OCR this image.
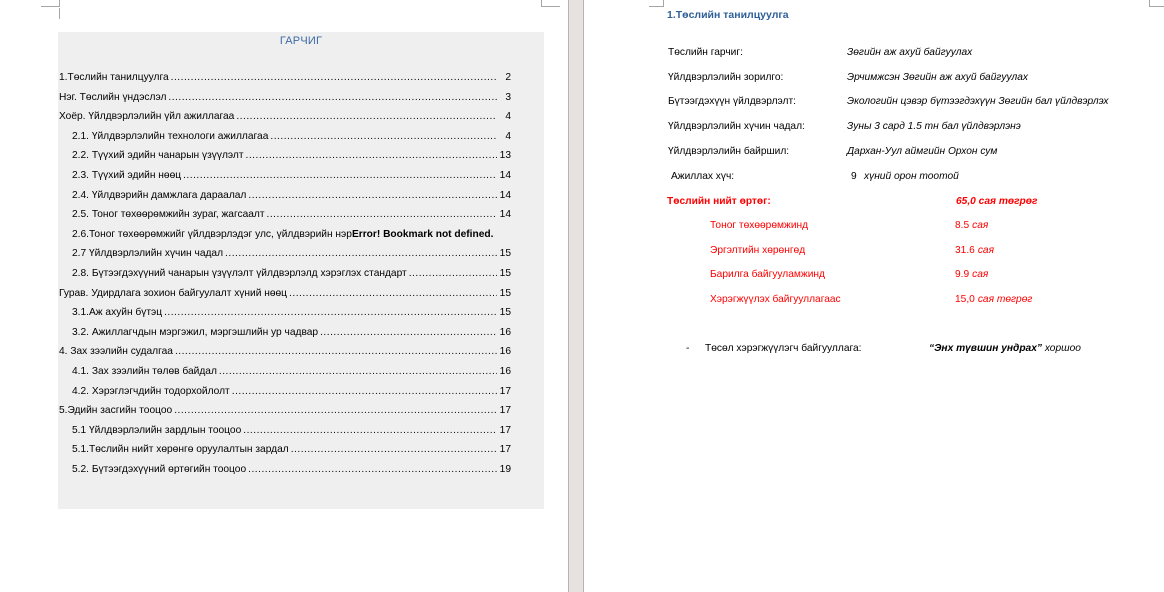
ГАРЧИГ
1.Төслийн танилцуулга .....	2
Нэг. Төслийн үндэслэл .....	3
Хоёр. Үйлдвэрлэлийн үйл ажиллагаа .....	4
2.1. Үйлдвэрлэлийн технологи ажиллагаа .....	4
2.2. Түүхий эдийн чанарын үзүүлэлт .....	13
2.3. Түүхий эдийн нөөц .....	14
2.4. Үйлдвэрийн дамжлага дараалал .....	14
2.5. Тоног төхөөрөмжийн зураг, жагсаалт .....	14
2.6.Тоног төхөөрөмжийг үйлдвэрлэдэг улс, үйлдвэрийн нэр Error! Bookmark not defined.
2.7 Үйлдвэрлэлийн хүчин чадал .....	15
2.8. Бүтээгдэхүүний чанарын үзүүлэлт үйлдвэрлэлд хэрэглэх стандарт .....	15
Гурав. Удирдлага зохион байгуулалт хүний нөөц .....	15
3.1.Аж ахуйн бүтэц .....	15
3.2. Ажиллагчдын мэргэжил, мэргэшлийн ур чадвар .....	16
4. Зах зээлийн судалгаа .....	16
4.1. Зах зээлийн төлөв байдал .....	16
4.2. Хэрэглэгчдийн тодорхойлолт .....	17
5.Эдийн засгийн тооцоо .....	17
5.1 Үйлдвэрлэлийн зардлын тооцоо .....	17
5.1.Төслийн нийт хөрөнгө оруулалтын зардал .....	17
5.2. Бүтээгдэхүүний өртөгийн тооцоо .....	19
1.Төслийн танилцуулга
Төслийн гарчиг:	Зөгийн аж ахуй байгуулах
Үйлдвэрлэлийн зорилго:	Эрчимжсэн Зөгийн аж ахуй байгуулах
Бүтээгдэхүүн үйлдвэрлэлт:	Экологийн цэвэр бүтээгдэхүүн Зөгийн бал үйлдвэрлэх
Үйлдвэрлэлийн хүчин чадал:	Зуны 3 сард 1.5 тн бал үйлдвэрлэнэ
Үйлдвэрлэлийн байршил:	Дархан-Уул аймгийн Орхон сум
Ажиллах хүч:	9 хүний орон тоотой
Төслийн нийт өртөг:	65,0 сая төгрөг
Тоног төхөөрөмжинд	8.5 сая
Эргэлтийн хөрөнгөд	31.6 сая
Барилга байгууламжинд	9.9 сая
Хэрэгжүүлэх байгууллагаас	15,0 сая төгрөг
- Төсөл хэрэгжүүлэгч байгууллага:	“Энх түвшин ундрах” хоршоо
